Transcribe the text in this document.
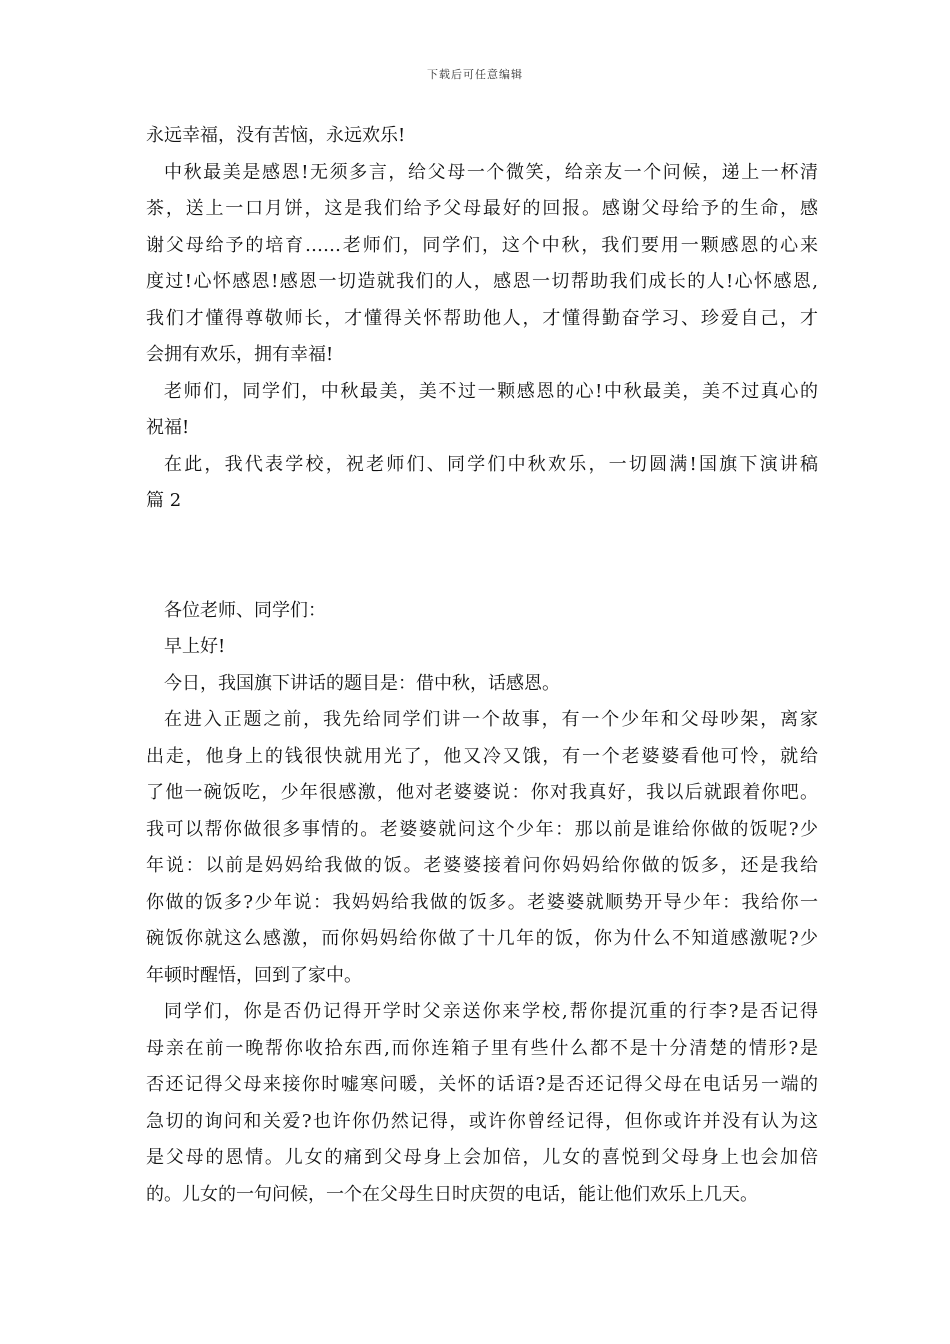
下载后可任意编辑
永远幸福，没有苦恼，永远欢乐!
中秋最美是感恩!无须多言，给父母一个微笑，给亲友一个问候，递上一杯清
茶，送上一口月饼，这是我们给予父母最好的回报。感谢父母给予的生命，感
谢父母给予的培育……老师们，同学们，这个中秋，我们要用一颗感恩的心来
度过!心怀感恩!感恩一切造就我们的人，感恩一切帮助我们成长的人!心怀感恩,
我们才懂得尊敬师长，才懂得关怀帮助他人，才懂得勤奋学习、珍爱自己，才
会拥有欢乐，拥有幸福!
老师们，同学们，中秋最美，美不过一颗感恩的心!中秋最美，美不过真心的
祝福!
在此，我代表学校，祝老师们、同学们中秋欢乐，一切圆满!国旗下演讲稿
篇 2
各位老师、同学们：
早上好!
今日，我国旗下讲话的题目是：借中秋，话感恩。
在进入正题之前，我先给同学们讲一个故事，有一个少年和父母吵架，离家
出走，他身上的钱很快就用光了，他又冷又饿，有一个老婆婆看他可怜，就给
了他一碗饭吃，少年很感激，他对老婆婆说：你对我真好，我以后就跟着你吧。
我可以帮你做很多事情的。老婆婆就问这个少年：那以前是谁给你做的饭呢?少
年说：以前是妈妈给我做的饭。老婆婆接着问你妈妈给你做的饭多，还是我给
你做的饭多?少年说：我妈妈给我做的饭多。老婆婆就顺势开导少年：我给你一
碗饭你就这么感激，而你妈妈给你做了十几年的饭，你为什么不知道感激呢?少
年顿时醒悟，回到了家中。
同学们，你是否仍记得开学时父亲送你来学校,帮你提沉重的行李?是否记得
母亲在前一晚帮你收拾东西,而你连箱子里有些什么都不是十分清楚的情形?是
否还记得父母来接你时嘘寒问暖，关怀的话语?是否还记得父母在电话另一端的
急切的询问和关爱?也许你仍然记得，或许你曾经记得，但你或许并没有认为这
是父母的恩情。儿女的痛到父母身上会加倍，儿女的喜悦到父母身上也会加倍
的。儿女的一句问候，一个在父母生日时庆贺的电话，能让他们欢乐上几天。
